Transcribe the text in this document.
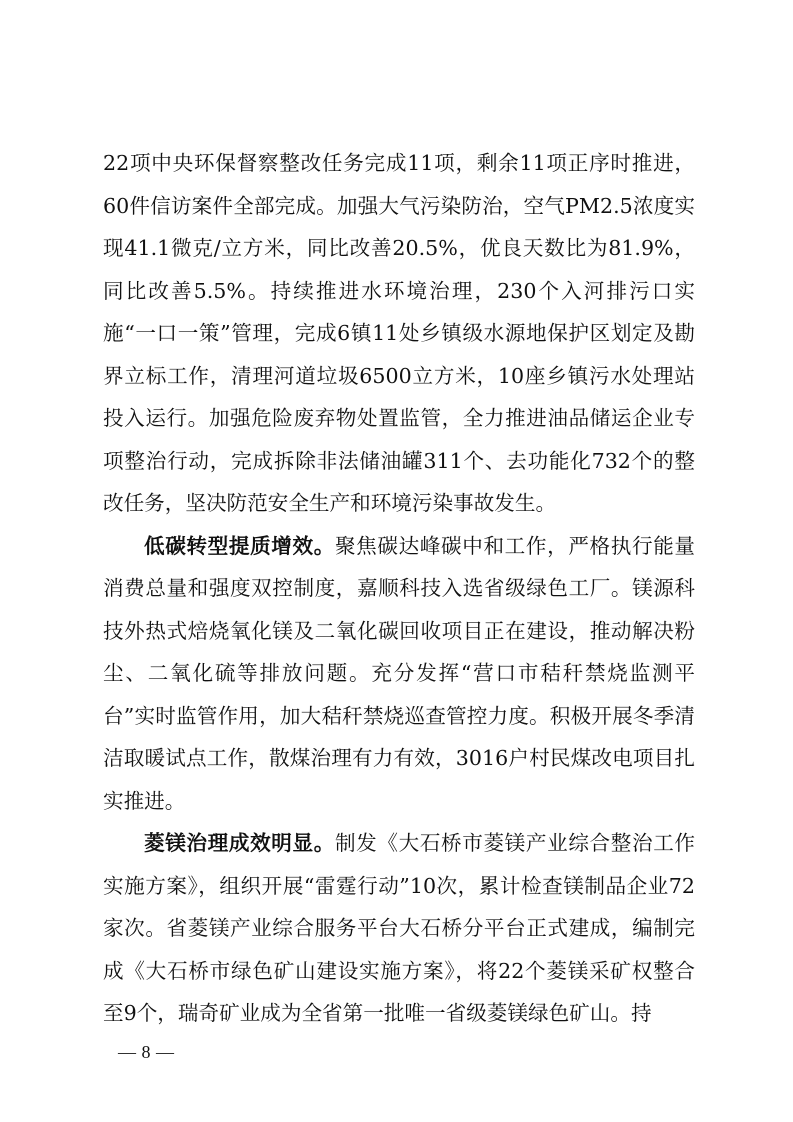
22项中央环保督察整改任务完成11项，剩余11项正序时推进，60件信访案件全部完成。加强大气污染防治，空气PM2.5浓度实现41.1微克/立方米，同比改善20.5%，优良天数比为81.9%，同比改善5.5%。持续推进水环境治理，230个入河排污口实施“一口一策”管理，完成6镇11处乡镇级水源地保护区划定及勘界立标工作，清理河道垃圾6500立方米，10座乡镇污水处理站投入运行。加强危险废弃物处置监管，全力推进油品储运企业专项整治行动，完成拆除非法储油罐311个、去功能化732个的整改任务，坚决防范安全生产和环境污染事故发生。

低碳转型提质增效。聚焦碳达峰碳中和工作，严格执行能量消费总量和强度双控制度，嘉顺科技入选省级绿色工厂。镁源科技外热式焙烧氧化镁及二氧化碳回收项目正在建设，推动解决粉尘、二氧化硫等排放问题。充分发挥“营口市秸秆禁烧监测平台”实时监管作用，加大秸秆禁烧巡查管控力度。积极开展冬季清洁取暖试点工作，散煤治理有力有效，3016户村民煤改电项目扎实推进。

菱镁治理成效明显。制发《大石桥市菱镁产业综合整治工作实施方案》，组织开展“雷霆行动”10次，累计检查镁制品企业72家次。省菱镁产业综合服务平台大石桥分平台正式建成，编制完成《大石桥市绿色矿山建设实施方案》，将22个菱镁采矿权整合至9个，瑞奇矿业成为全省第一批唯一省级菱镁绿色矿山。持

— 8 —
